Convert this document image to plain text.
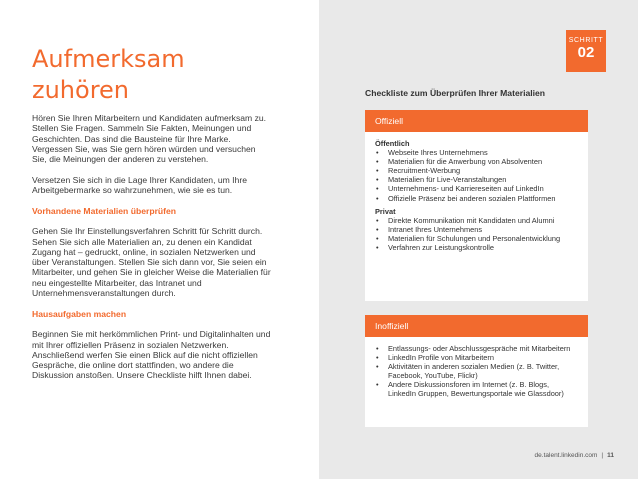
SCHRITT
02
Aufmerksam
zuhören

Hören Sie Ihren Mitarbeitern und Kandidaten aufmerksam zu. Stellen Sie Fragen. Sammeln Sie Fakten, Meinungen und Geschichten. Das sind die Bausteine für Ihre Marke. Vergessen Sie, was Sie gern hören würden und versuchen Sie, die Meinungen der anderen zu verstehen.

Versetzen Sie sich in die Lage Ihrer Kandidaten, um Ihre Arbeitgebermarke so wahrzunehmen, wie sie es tun.

Vorhandene Materialien überprüfen

Gehen Sie Ihr Einstellungsverfahren Schritt für Schritt durch. Sehen Sie sich alle Materialien an, zu denen ein Kandidat Zugang hat – gedruckt, online, in sozialen Netzwerken und über Veranstaltungen. Stellen Sie sich dann vor, Sie seien ein Mitarbeiter, und gehen Sie in gleicher Weise die Materialien für neu eingestellte Mitarbeiter, das Intranet und Unternehmensveranstaltungen durch.

Hausaufgaben machen

Beginnen Sie mit herkömmlichen Print- und Digitalinhalten und mit Ihrer offiziellen Präsenz in sozialen Netzwerken. Anschließend werfen Sie einen Blick auf die nicht offiziellen Gespräche, die online dort stattfinden, wo andere die Diskussion anstoßen. Unsere Checkliste hilft Ihnen dabei.

Checkliste zum Überprüfen Ihrer Materialien
Offiziell
Öffentlich
• Webseite Ihres Unternehmens
• Materialien für die Anwerbung von Absolventen
• Recruitment-Werbung
• Materialien für Live-Veranstaltungen
• Unternehmens- und Karriereseiten auf LinkedIn
• Offizielle Präsenz bei anderen sozialen Plattformen
Privat
• Direkte Kommunikation mit Kandidaten und Alumni
• Intranet Ihres Unternehmens
• Materialien für Schulungen und Personalentwicklung
• Verfahren zur Leistungskontrolle
Inoffiziell
• Entlassungs- oder Abschlussgespräche mit Mitarbeitern
• LinkedIn Profile von Mitarbeitern
• Aktivitäten in anderen sozialen Medien (z. B. Twitter, Facebook, YouTube, Flickr)
• Andere Diskussionsforen im Internet (z. B. Blogs, LinkedIn Gruppen, Bewertungsportale wie Glassdoor)
de.talent.linkedin.com | 11
